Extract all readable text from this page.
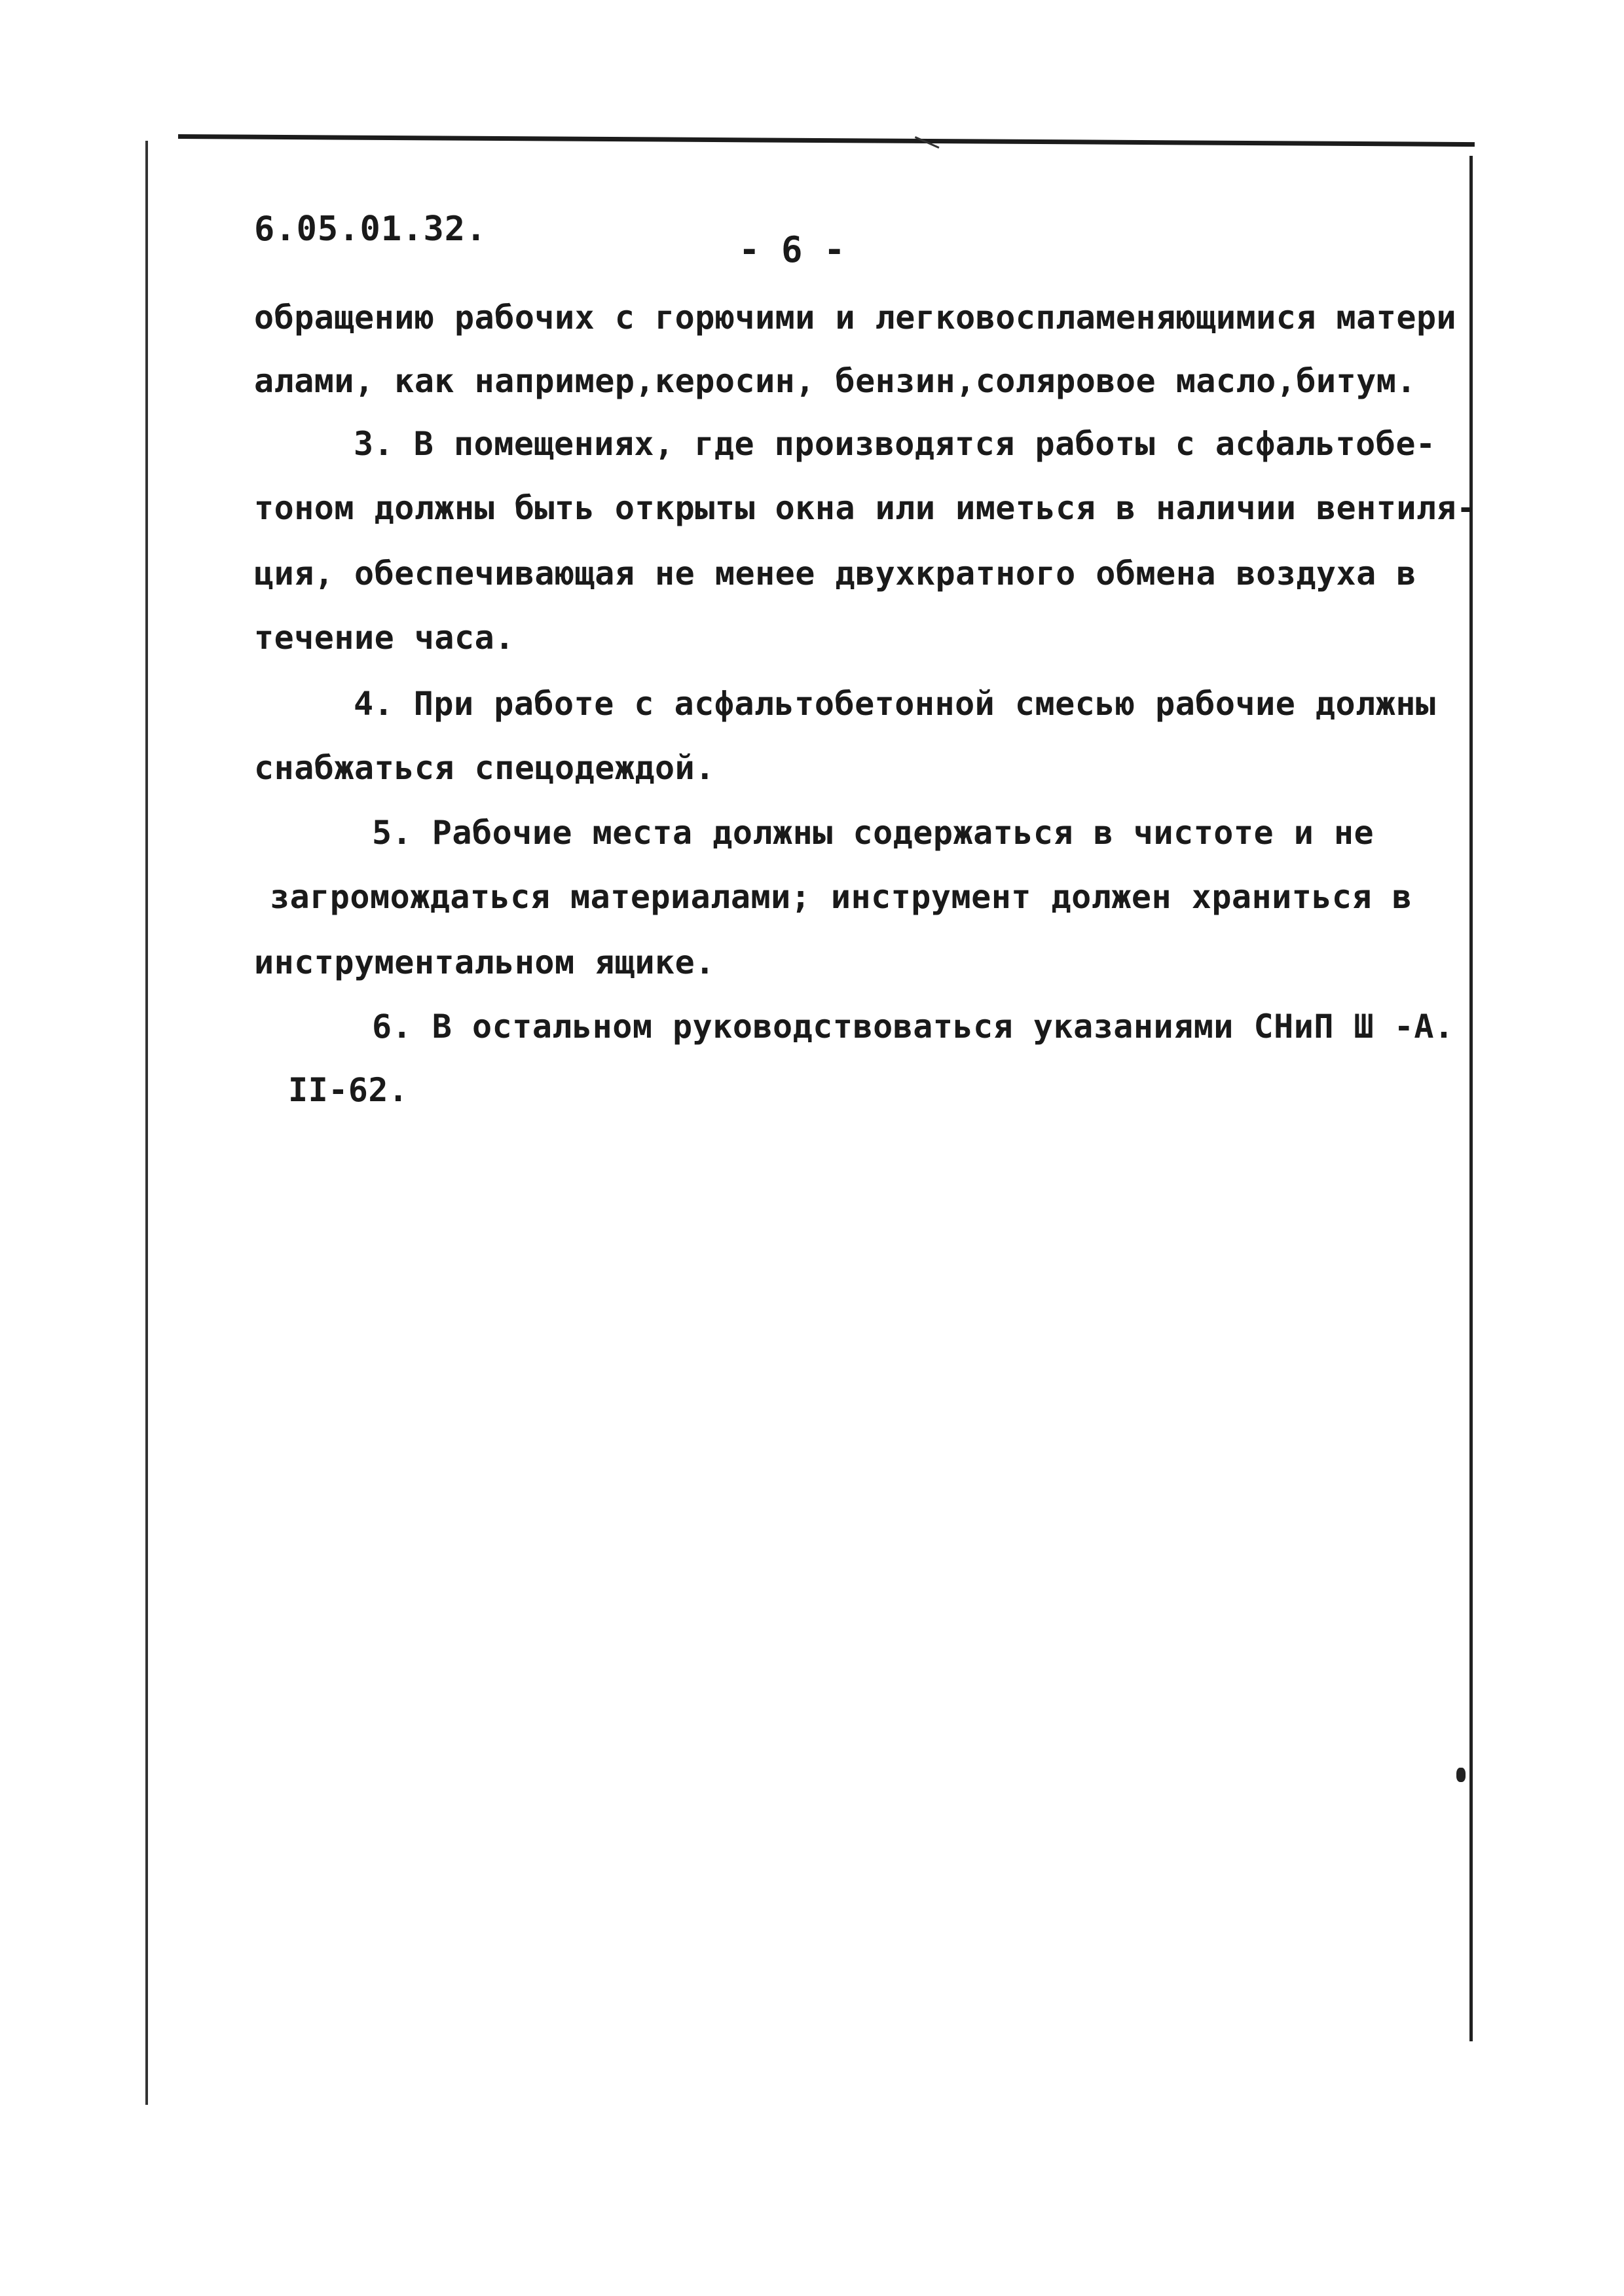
6.05.01.32.	- 6 -
обращению рабочих с горючими и легковоспламеняющимися матери
алами, как например,керосин, бензин,соляровое масло,битум.
3. В помещениях, где производятся работы с асфальтобе-
тоном должны быть открыты окна или иметься в наличии вентиля-
ция, обеспечивающая не менее двухкратного обмена воздуха в
течение часа.
4. При работе с асфальтобетонной смесью рабочие должны
снабжаться спецодеждой.
5. Рабочие места должны содержаться в чистоте и не
загромождаться материалами; инструмент должен храниться в
инструментальном ящике.
6. В остальном руководствоваться указаниями СНиП Ш -А.
II-62.
